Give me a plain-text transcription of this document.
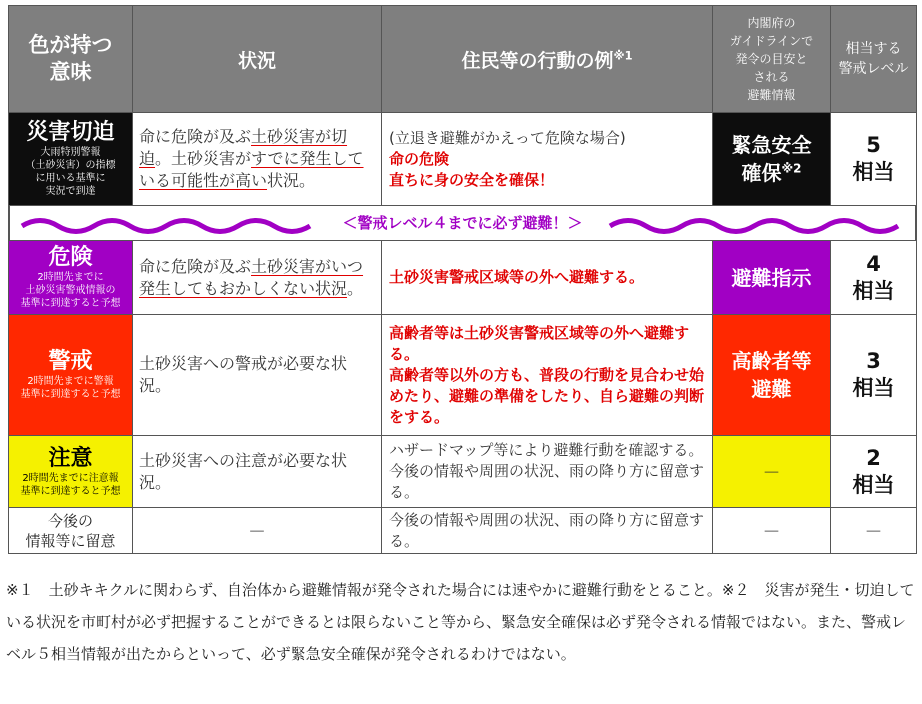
色が持つ
意味	状況	住民等の行動の例$^{※1}$	内閣府の
ガイドラインで
発令の目安と
される
避難情報	相当する
警戒レベル

災害切迫
大雨特別警報
（土砂災害）の指標
に用いる基準に
実況で到達	命に危険が及ぶ土砂災害が切迫。土砂災害がすでに発生している可能性が高い状況。	(立退き避難がかえって危険な場合)
命の危険
直ちに身の安全を確保！	緊急安全
確保$^{※2}$	5
相当

＜警戒レベル４までに必ず避難！＞				

危険
2時間先までに
土砂災害警戒情報の
基準に到達すると予想	命に危険が及ぶ土砂災害がいつ発生してもおかしくない状況。	土砂災害警戒区域等の外へ避難する。	避難指示	4
相当

警戒
2時間先までに警報
基準に到達すると予想	土砂災害への警戒が必要な状況。	高齢者等は土砂災害警戒区域等の外へ避難する。
高齢者等以外の方も、普段の行動を見合わせ始めたり、避難の準備をしたり、自ら避難の判断をする。	高齢者等
避難	3
相当

注意
2時間先までに注意報
基準に到達すると予想	土砂災害への注意が必要な状況。	ハザードマップ等により避難行動を確認する。今後の情報や周囲の状況、雨の降り方に留意する。	－	2
相当
今後の
情報等に留意	－	今後の情報や周囲の状況、雨の降り方に留意する。	－	－

※１　土砂キキクルに関わらず、自治体から避難情報が発令された場合には速やかに避難行動をとること。※２　災害が発生・切迫している状況を市町村が必ず把握することができるとは限らないこと等から、緊急安全確保は必ず発令される情報ではない。また、警戒レベル５相当情報が出たからといって、必ず緊急安全確保が発令されるわけではない。
